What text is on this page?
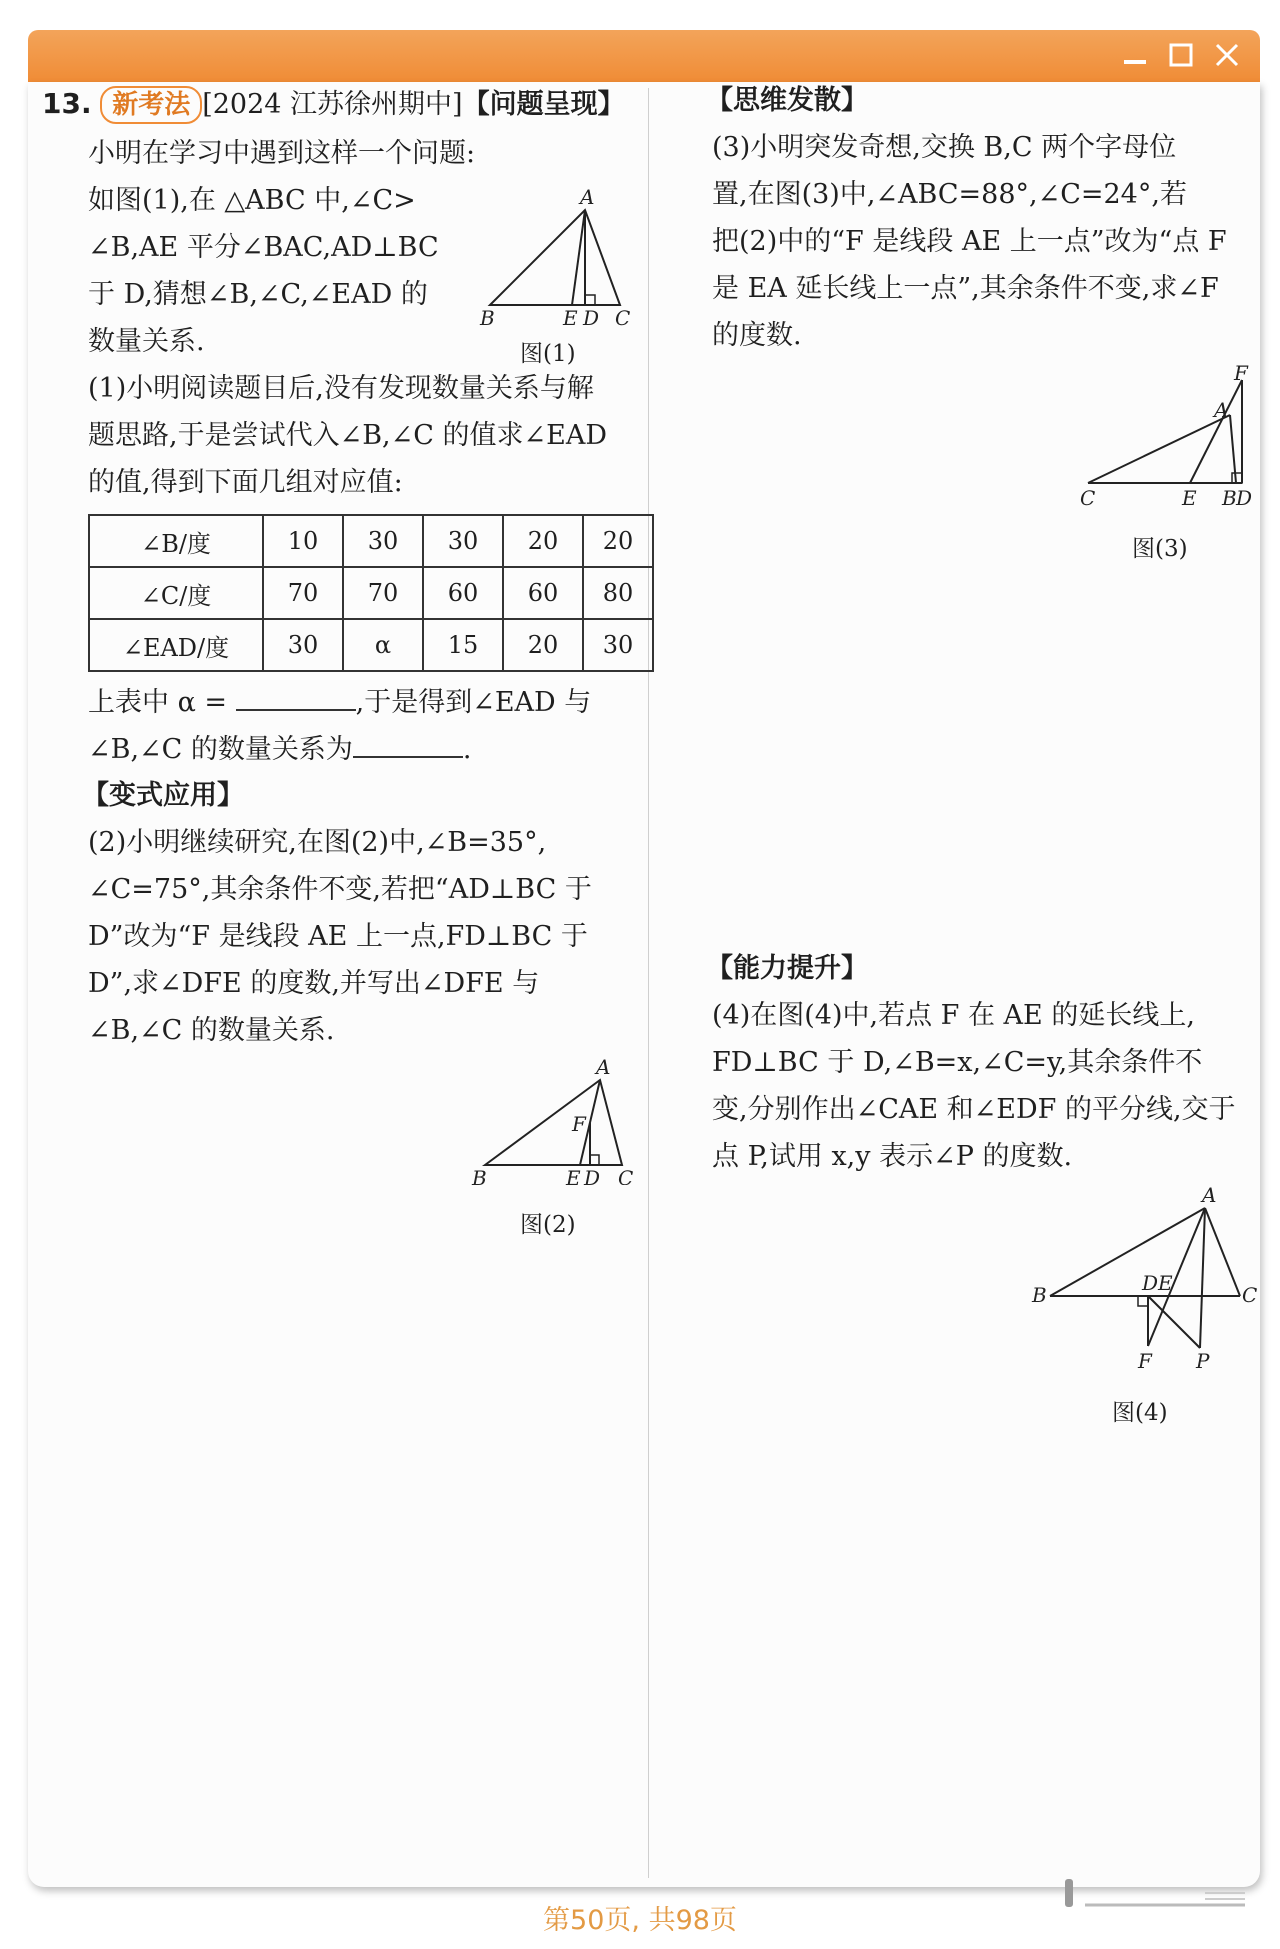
13. 新考法 [2024 江苏徐州期中]【问题呈现】
小明在学习中遇到这样一个问题:
如图(1),在 △ABC 中,∠C>
∠B,AE 平分∠BAC,AD⊥BC
于 D,猜想∠B,∠C,∠EAD 的
数量关系.
A
B	E D C
图(1)
(1)小明阅读题目后,没有发现数量关系与解
题思路,于是尝试代入∠B,∠C 的值求∠EAD
的值,得到下面几组对应值:
∠B/度	10	30	30	20	20
∠C/度	70	70	60	60	80
∠EAD/度	30	α	15	20	30
上表中 α =	,于是得到∠EAD 与
∠B,∠C 的数量关系为	.
【变式应用】
(2)小明继续研究,在图(2)中,∠B=35°,
∠C=75°,其余条件不变,若把“AD⊥BC 于
D”改为“F 是线段 AE 上一点,FD⊥BC 于
D”,求∠DFE 的度数,并写出∠DFE 与
∠B,∠C 的数量关系.
A
F
B	E D C
图(2)
【思维发散】
(3)小明突发奇想,交换 B,C 两个字母位
置,在图(3)中,∠ABC=88°,∠C=24°,若
把(2)中的“F 是线段 AE 上一点”改为“点 F
是 EA 延长线上一点”,其余条件不变,求∠F
的度数.
F
A
C	E B D
图(3)
【能力提升】
(4)在图(4)中,若点 F 在 AE 的延长线上,
FD⊥BC 于 D,∠B=x,∠C=y,其余条件不
变,分别作出∠CAE 和∠EDF 的平分线,交于
点 P,试用 x,y 表示∠P 的度数.
A
B	D E	C
F P
图(4)
第50页, 共98页
